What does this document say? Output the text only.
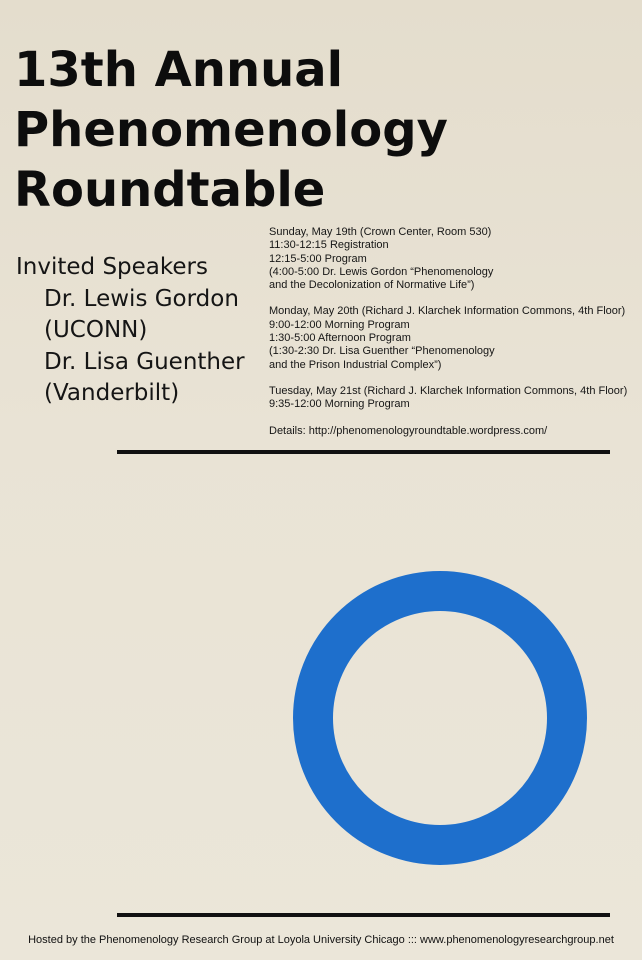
13th Annual
Phenomenology
Roundtable
Invited Speakers
Dr. Lewis Gordon
(UCONN)
Dr. Lisa Guenther
(Vanderbilt)
Sunday, May 19th (Crown Center, Room 530)
11:30-12:15 Registration
12:15-5:00 Program
(4:00-5:00 Dr. Lewis Gordon “Phenomenology
and the Decolonization of Normative Life”)
Monday, May 20th (Richard J. Klarchek Information Commons, 4th Floor)
9:00-12:00 Morning Program
1:30-5:00 Afternoon Program
(1:30-2:30 Dr. Lisa Guenther “Phenomenology
and the Prison Industrial Complex”)
Tuesday, May 21st (Richard J. Klarchek Information Commons, 4th Floor)
9:35-12:00 Morning Program
Details: http://phenomenologyroundtable.wordpress.com/
Hosted by the Phenomenology Research Group at Loyola University Chicago ::: www.phenomenologyresearchgroup.net
